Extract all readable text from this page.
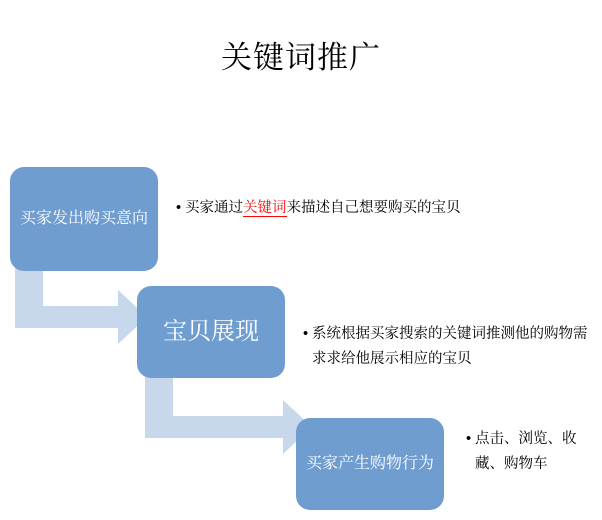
关键词推广
买家发出购买意向
宝贝展现
买家产生购物行为
• 买家通过关键词来描述自己想要购买的宝贝
• 系统根据买家搜索的关键词推测他的购物需求求给他展示相应的宝贝
• 点击、浏览、收藏、购物车
